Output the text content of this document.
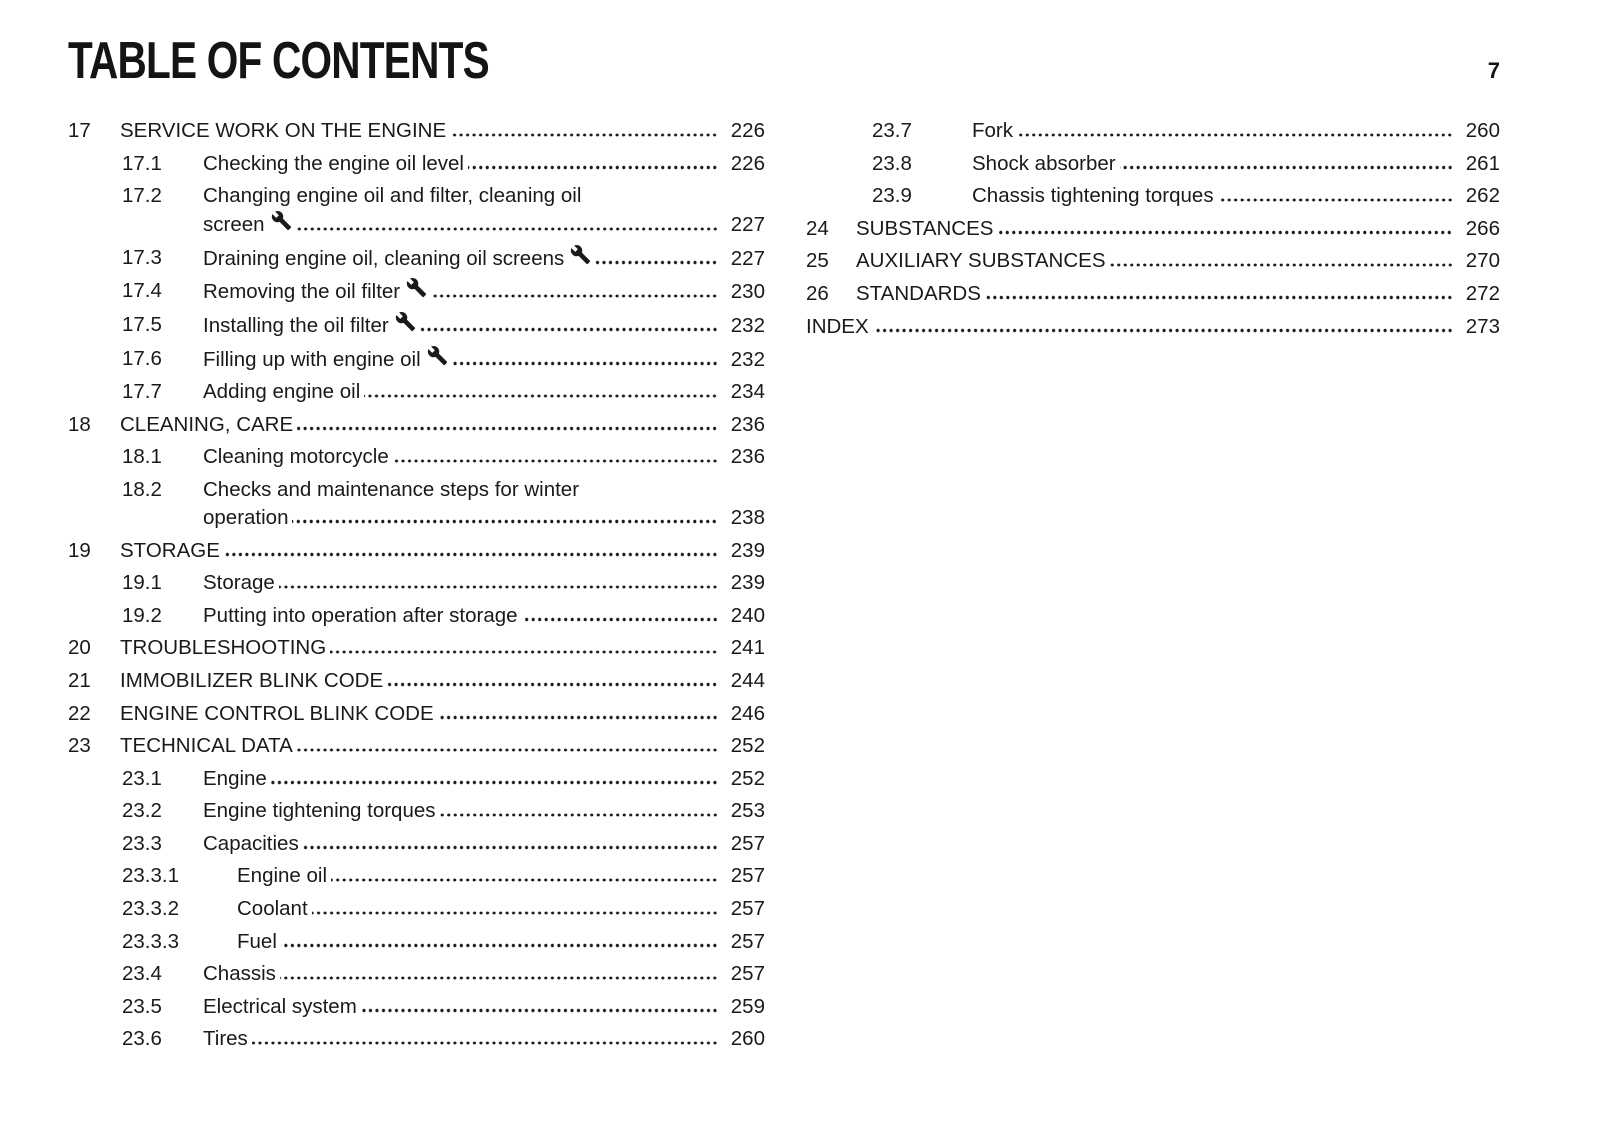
TABLE OF CONTENTS	7
17	SERVICE WORK ON THE ENGINE	226
17.1	Checking the engine oil level	226
17.2	Changing engine oil and filter, cleaning oil
screen	227
17.3	Draining engine oil, cleaning oil screens	227
17.4	Removing the oil filter	230
17.5	Installing the oil filter	232
17.6	Filling up with engine oil	232
17.7	Adding engine oil	234
18	CLEANING, CARE	236
18.1	Cleaning motorcycle	236
18.2	Checks and maintenance steps for winter
operation	238
19	STORAGE	239
19.1	Storage	239
19.2	Putting into operation after storage	240
20	TROUBLESHOOTING	241
21	IMMOBILIZER BLINK CODE	244
22	ENGINE CONTROL BLINK CODE	246
23	TECHNICAL DATA	252
23.1	Engine	252
23.2	Engine tightening torques	253
23.3	Capacities	257
23.3.1	Engine oil	257
23.3.2	Coolant	257
23.3.3	Fuel	257
23.4	Chassis	257
23.5	Electrical system	259
23.6	Tires	260
23.7	Fork	260
23.8	Shock absorber	261
23.9	Chassis tightening torques	262
24	SUBSTANCES	266
25	AUXILIARY SUBSTANCES	270
26	STANDARDS	272
INDEX	273
